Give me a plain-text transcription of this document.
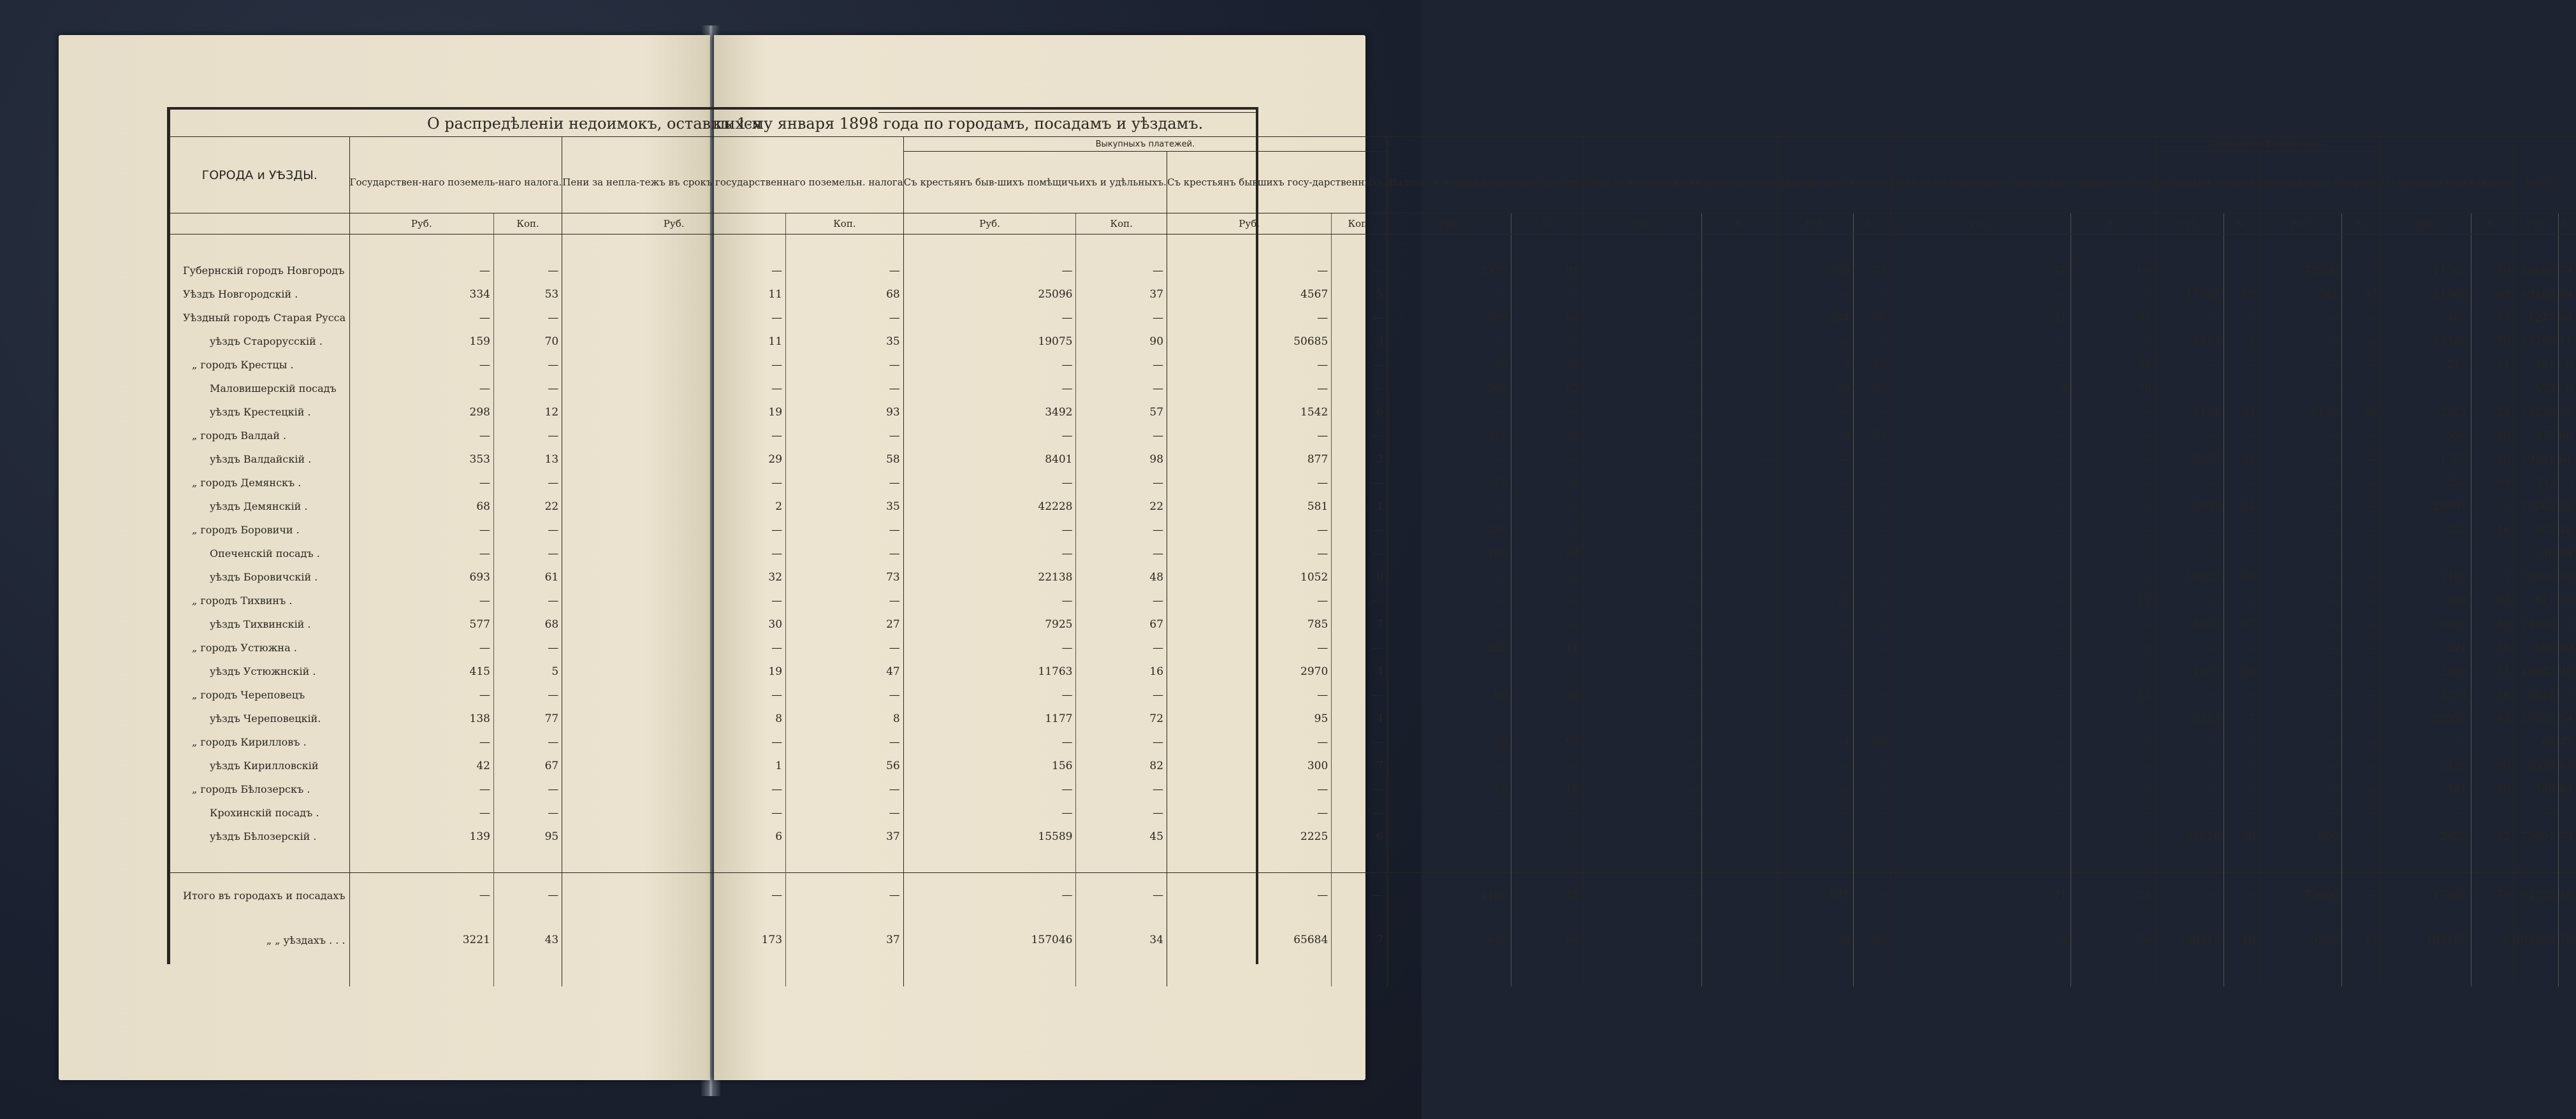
О распредѣленіи недоимокъ, оставшихся
къ 1-му января 1898 года по городамъ, посадамъ и уѣздамъ.
ГОРОДА и УѢЗДЫ.					Выкупныхъ платежей.												По разсрочкѣ недоимокъ.							
	Государствен-наго поземель-наго налога.		Пени за непла-тежъ въ срокъ государственнаго поземельн. налога		Съ крестьянъ быв-шихъ помѣщичьихъ и удѣльныхъ.		Съ крестьянъ бывшихъ госу-дарственныхъ.		Налога съ недвижи-мыхъ иму-ществъ.		Пени за не-платежъ въ срокъ на-лога.		Квартир-наго на-лога.		Пени за не-платежъ въ срокъ квар-тирнаго на-лога.		Окладныхъ сборовъ.		Неоклад-ныхъ сбо-ровъ.		По разнымъ взысканіямъ.		ВСЕГО.	
	Руб.	Коп.	Руб.	Коп.	Руб.	Коп.	Руб.	Коп.	Руб.	К.	Руб.	К.	Руб.	К.	Руб.	К.	Руб.	К.	Руб.	К.	Руб.	К.	Руб.	К.

Губернскій городъ Новгородъ	—	—	—	—	—	—	—	—	2379	91	—	—	550	75	48	69	—	—	72000	—	11701	39	86680	74
Уѣздъ Новгородскій .	334	53	11	68	25096	37	4567	5	—	—	—	—	—	—	—	—	17027	19	561	57	21569	69	69168	54
Уѣздный городъ Старая Русса	—	—	—	—	—	—	—	—	539	94	—	—	284	50	21	83	—	—	—	—	401	57	1247	84
уѣздъ Старорусскій .	159	70	11	35	19075	90	50685	3	—	—	—	—	—	—	—	—	1413	1	—	—	13362	78	84708	11
„ городъ Крестцы .	—	—	—	—	—	—	—	—	79	39	—	—	5	50	—	38	—	—	—	—	215	81	301	8
Маловишерскій посадъ	—	—	—	—	—	—	—	—	508	82	—	—	59	50	4	76	—	—	—	—	—	—	573	8
уѣздъ Крестецкій .	298	12	19	93	3492	57	1542	6	—	—	—	—	—	—	—	—	3171	33	8173	86	2572	29	19270	77
„ городъ Валдай .	—	—	—	—	—	—	—	—	371	53	—	—	9	75	—	—	—	—	—	—	596	40	977	68
уѣздъ Валдайскій .	353	13	29	58	8401	98	877	2	—	—	—	—	—	—	—	—	7877	34	—	—	1702	30	19241	61
„ городъ Демянскъ .	—	—	—	—	—	—	—	—	79	4	—	—	—	—	—	—	—	—	—	—	252	99	332	3
уѣздъ Демянскій .	68	22	2	35	42228	22	581	1	—	—	—	—	—	—	—	—	5091	54	—	—	29091	5	77062	52
„ городъ Боровичи .	—	—	—	—	—	—	—	—	280	2	—	—	—	—	—	—	—	—	—	—	222	46	502	48
Опеченскій посадъ .	—	—	—	—	—	—	—	—	146	84	—	—	—	—	—	—	—	—	—	—	—	—	146	84
уѣздъ Боровичскій .	693	61	32	73	22138	48	1052	8	—	—	—	—	—	—	—	—	50525	69	—	—	1407	3	75850	38
„ городъ Тихвинъ .	—	—	—	—	—	—	—	—	—	—	—	—	13	—	—	12	—	—	—	—	804	63	817	75
уѣздъ Тихвинскій .	577	68	30	27	7925	67	785	7	—	—	—	—	—	—	—	—	6203	97	—	—	9079	69	24603	3
„ городъ Устюжна .	—	—	—	—	—	—	—	—	282	11	—	—	3	—	—	9	—	—	—	—	321	50	606	70
уѣздъ Устюжнскій .	415	5	19	47	11763	16	2970	4	—	—	—	—	—	—	—	—	1075	36	—	—	2399	51	18642	96
„ городъ Череповецъ	—	—	—	—	—	—	—	—	89	38	—	—	—	—	—	13	—	—	—	—	2724	56	2814	7
уѣздъ Череповецкій.	138	77	8	8	1177	72	95	4	—	—	—	—	—	—	—	—	3313	7	—	—	22922	42	27655	54
„ городъ Кирилловъ .	—	—	—	—	—	—	—	—	59	97	—	—	4	50	—	—	—	—	—	—	—	—	64	47
уѣздъ Кирилловскій	42	67	1	56	156	82	300	7	—	—	—	—	—	—	—	—	—	—	—	—	2426	90	2928	65
„ городъ Бѣлозерскъ .	—	—	—	—	—	—	—	—	19	16	—	—	—	—	—	—	—	—	—	—	361	48	380	64
Крохинскій посадъ .	—	—	—	—	—	—	—	—	—	—	—	—	—	—	—	—	—	—	—	—	—	—	—	—
уѣздъ Бѣлозерскій .	139	95	6	37	15589	45	2225	6	—	—	—	—	—	—	—	—	53616	90	800	—	2623	42	75001	73

Итого въ городахъ и посадахъ	—	—	—	—	—	—	—	—	4180	45	—	—	871	—	71	24	—	—	72000	—	17602	79	94725	48
„ „ уѣздахъ . . .	3221	43	173	37	157046	34	65684	7	655	66	—	—	59	50	4	76	149315	40	9535	43	109157	8	494853	76
